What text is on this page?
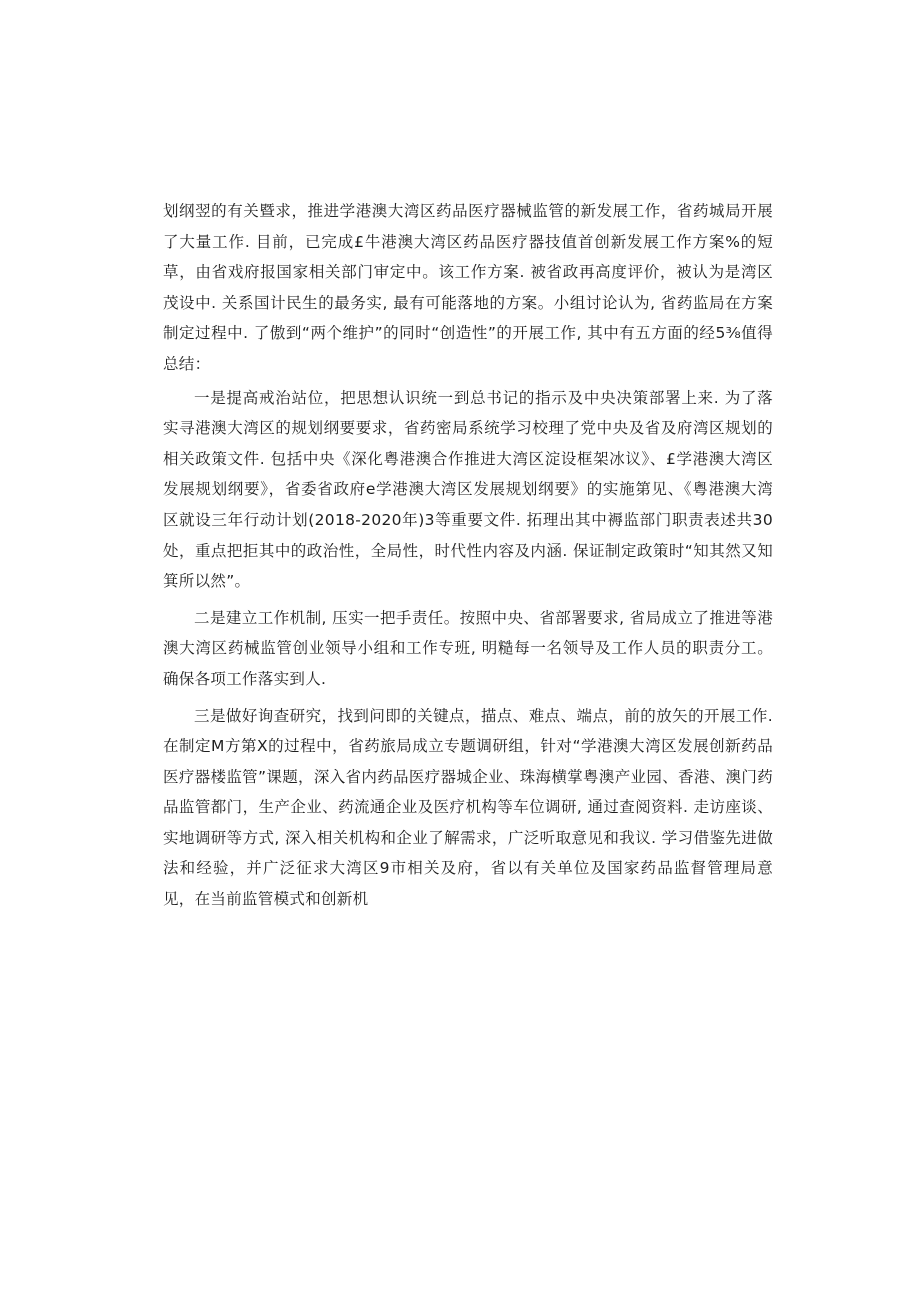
划纲翌的有关暨求，推进学港澳大湾区药品医疗器械监管的新发展工作，省药城局开展了大量工作. 目前，已完成£牛港澳大湾区药品医疗器技值首创新发展工作方案%的短草，由省戏府报国家相关部门审定中。该工作方案. 被省政再高度评价，被认为是湾区茂设中. 关系国计民生的最务实, 最有可能落地的方案。小组讨论认为, 省药监局在方案制定过程中. 了傲到“两个维护”的同时“创造性”的开展工作, 其中有五方面的经5⅜值得总结：

一是提高戒治站位，把思想认识统一到总书记的指示及中央决策部署上来. 为了落实寻港澳大湾区的规划纲要要求，省药密局系统学习校理了党中央及省及府湾区规划的相关政策文件. 包括中央《深化粤港澳合作推进大湾区淀设框架冰议》、£学港澳大湾区发展规划纲要》，省委省政府e学港澳大湾区发展规划纲要》的实施第见、《粤港澳大湾区就设三年行动计划(2018-2020年)3等重要文件. 拓理出其中褥监部门职责表述共30处，重点把拒其中的政治性，全局性，时代性内容及内涵. 保证制定政策时“知其然又知箕所以然”。

二是建立工作机制, 压实一把手责任。按照中央、省部署要求, 省局成立了推进等港澳大湾区药械监管创业领导小组和工作专班, 明糙每一名领导及工作人员的职责分工。确保各项工作落实到人.

三是做好询查研究，找到问即的关键点，描点、难点、端点，前的放矢的开展工作. 在制定M方第X的过程中，省药旅局成立专题调研组，针对“学港澳大湾区发展创新药品医疗器楼监管”课题，深入省内药品医疗器城企业、珠海横掌粤澳产业园、香港、澳门药品监管都门，生产企业、药流通企业及医疗机构等车位调研, 通过查阅资料. 走访座谈、实地调研等方式, 深入相关机构和企业了解需求，广泛听取意见和我议. 学习借鉴先进做法和经验，并广泛征求大湾区9市相关及府，省以有关单位及国家药品监督管理局意见，在当前监管模式和创新机
